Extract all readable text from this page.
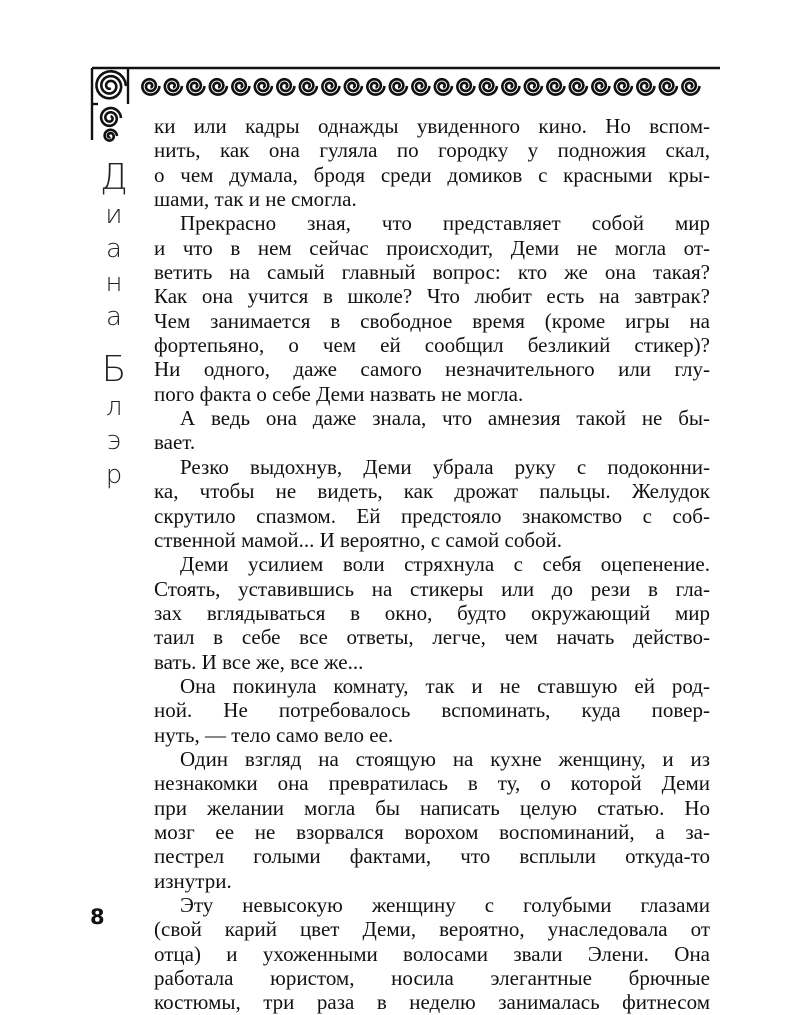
Д
и
а
н
а
Б
л
э
р
ки или кадры однажды увиденного кино. Но вспом-
нить, как она гуляла по городку у подножия скал,
о чем думала, бродя среди домиков с красными кры-
шами, так и не смогла.
Прекрасно зная, что представляет собой мир
и что в нем сейчас происходит, Деми не могла от-
ветить на самый главный вопрос: кто же она такая?
Как она учится в школе? Что любит есть на завтрак?
Чем занимается в свободное время (кроме игры на
фортепьяно, о чем ей сообщил безликий стикер)?
Ни одного, даже самого незначительного или глу-
пого факта о себе Деми назвать не могла.
А ведь она даже знала, что амнезия такой не бы-
вает.
Резко выдохнув, Деми убрала руку с подоконни-
ка, чтобы не видеть, как дрожат пальцы. Желудок
скрутило спазмом. Ей предстояло знакомство с соб-
ственной мамой... И вероятно, с самой собой.
Деми усилием воли стряхнула с себя оцепенение.
Стоять, уставившись на стикеры или до рези в гла-
зах вглядываться в окно, будто окружающий мир
таил в себе все ответы, легче, чем начать действо-
вать. И все же, все же...
Она покинула комнату, так и не ставшую ей род-
ной. Не потребовалось вспоминать, куда повер-
нуть, — тело само вело ее.
Один взгляд на стоящую на кухне женщину, и из
незнакомки она превратилась в ту, о которой Деми
при желании могла бы написать целую статью. Но
мозг ее не взорвался ворохом воспоминаний, а за-
пестрел голыми фактами, что всплыли откуда-то
изнутри.
Эту невысокую женщину с голубыми глазами
(свой карий цвет Деми, вероятно, унаследовала от
отца) и ухоженными волосами звали Элени. Она
работала юристом, носила элегантные брючные
костюмы, три раза в неделю занималась фитнесом
8
